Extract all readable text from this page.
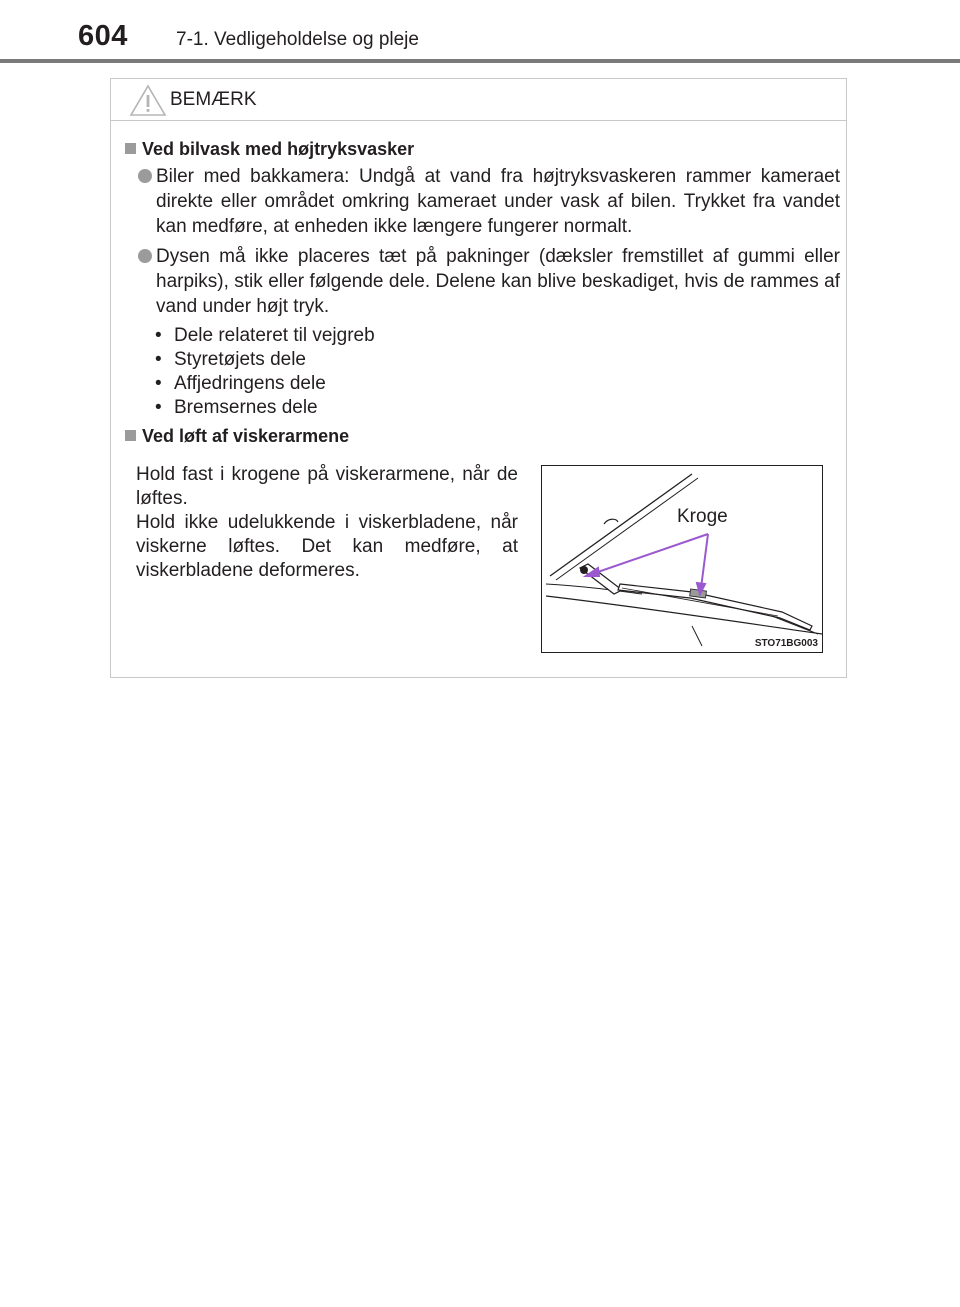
604	7-1. Vedligeholdelse og pleje
BEMÆRK
Ved bilvask med højtryksvasker
Biler med bakkamera: Undgå at vand fra højtryksvaskeren rammer kameraet direkte eller området omkring kameraet under vask af bilen. Trykket fra vandet kan medføre, at enheden ikke længere fungerer normalt.
Dysen må ikke placeres tæt på pakninger (dæksler fremstillet af gummi eller harpiks), stik eller følgende dele. Delene kan blive beskadiget, hvis de rammes af vand under højt tryk.
• Dele relateret til vejgreb
• Styretøjets dele
• Affjedringens dele
• Bremsernes dele
Ved løft af viskerarmene

Hold fast i krogene på viskerarmene, når de løftes.

Hold ikke udelukkende i viskerbladene, når viskerne løftes. Det kan medføre, at viskerbladene deformeres.

Kroge
STO71BG003
